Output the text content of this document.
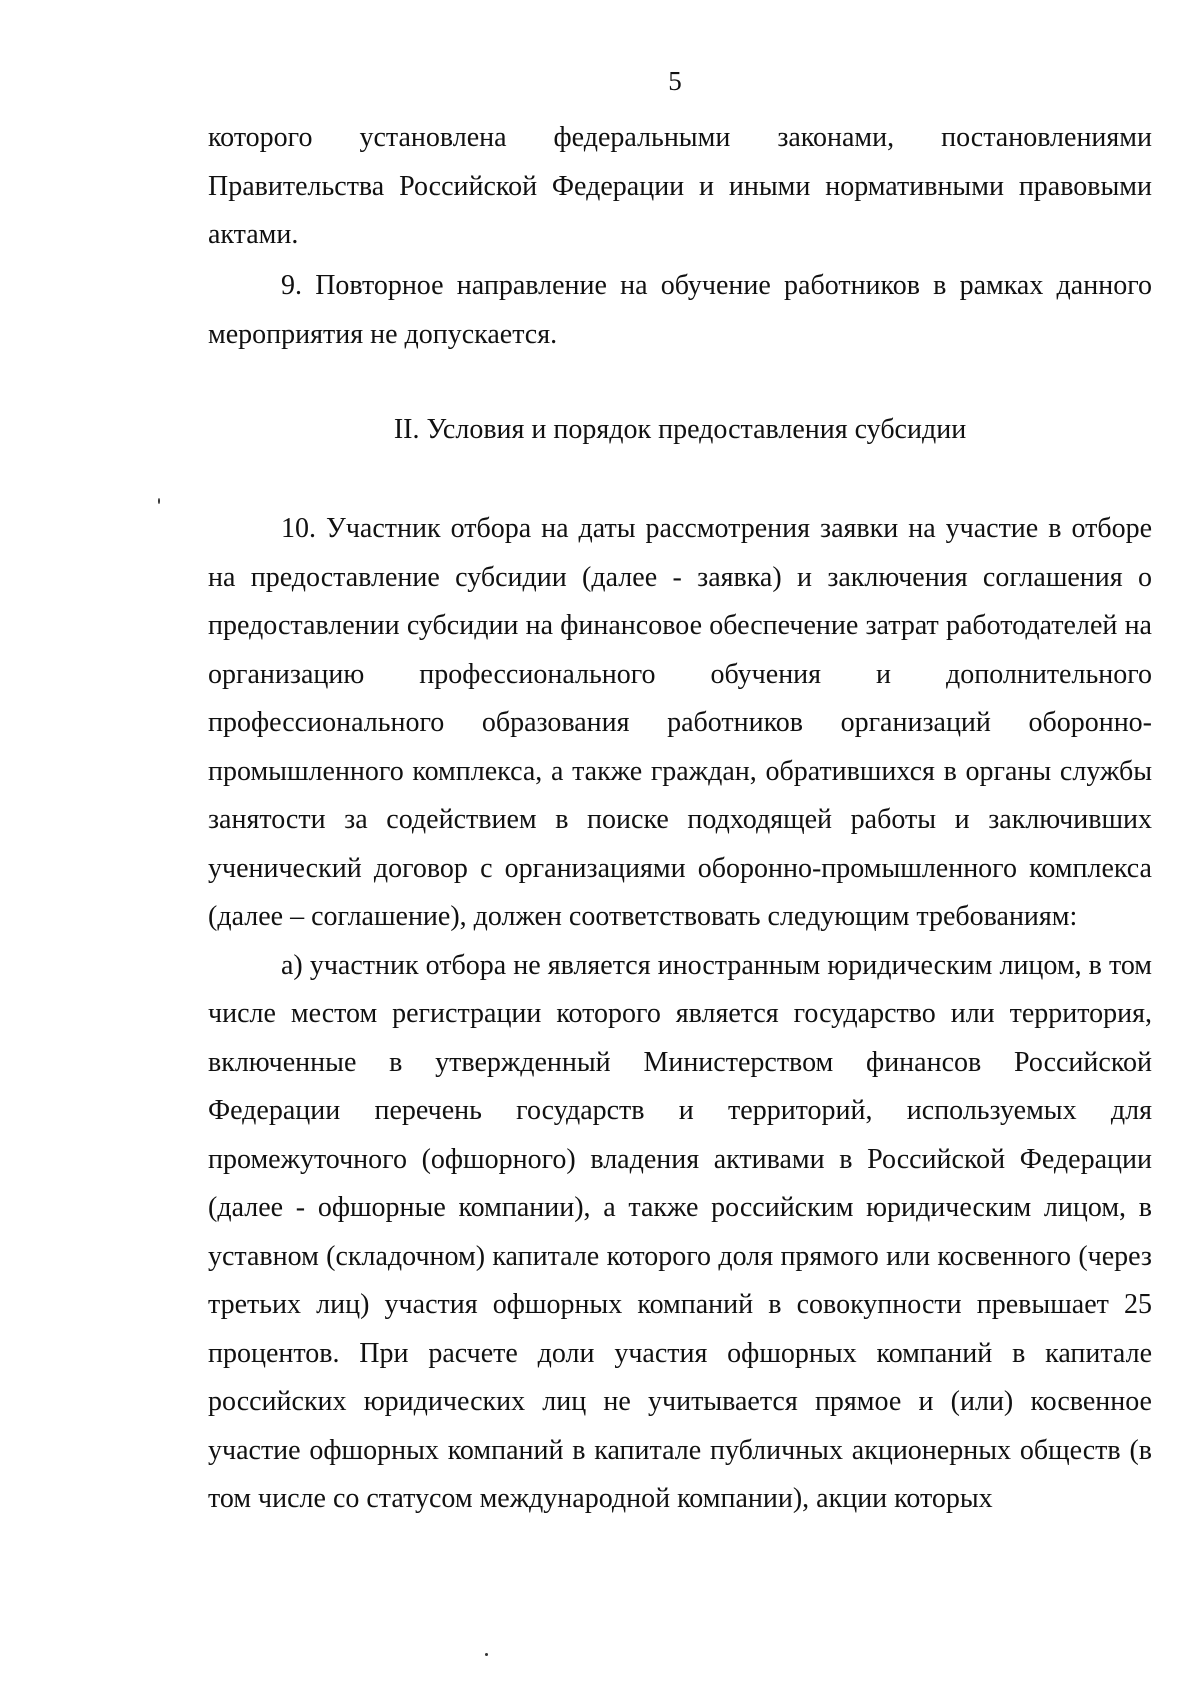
5

которого установлена федеральными законами, постановлениями Правительства Российской Федерации и иными нормативными правовыми актами.

9. Повторное направление на обучение работников в рамках данного мероприятия не допускается.

II. Условия и порядок предоставления субсидии

10. Участник отбора на даты рассмотрения заявки на участие в отборе на предоставление субсидии (далее - заявка) и заключения соглашения о предоставлении субсидии на финансовое обеспечение затрат работодателей на организацию профессионального обучения и дополнительного профессионального образования работников организаций оборонно-промышленного комплекса, а также граждан, обратившихся в органы службы занятости за содействием в поиске подходящей работы и заключивших ученический договор с организациями оборонно-промышленного комплекса (далее – соглашение), должен соответствовать следующим требованиям:

а) участник отбора не является иностранным юридическим лицом, в том числе местом регистрации которого является государство или территория, включенные в утвержденный Министерством финансов Российской Федерации перечень государств и территорий, используемых для промежуточного (офшорного) владения активами в Российской Федерации (далее - офшорные компании), а также российским юридическим лицом, в уставном (складочном) капитале которого доля прямого или косвенного (через третьих лиц) участия офшорных компаний в совокупности превышает 25 процентов. При расчете доли участия офшорных компаний в капитале российских юридических лиц не учитывается прямое и (или) косвенное участие офшорных компаний в капитале публичных акционерных обществ (в том числе со статусом международной компании), акции которых
